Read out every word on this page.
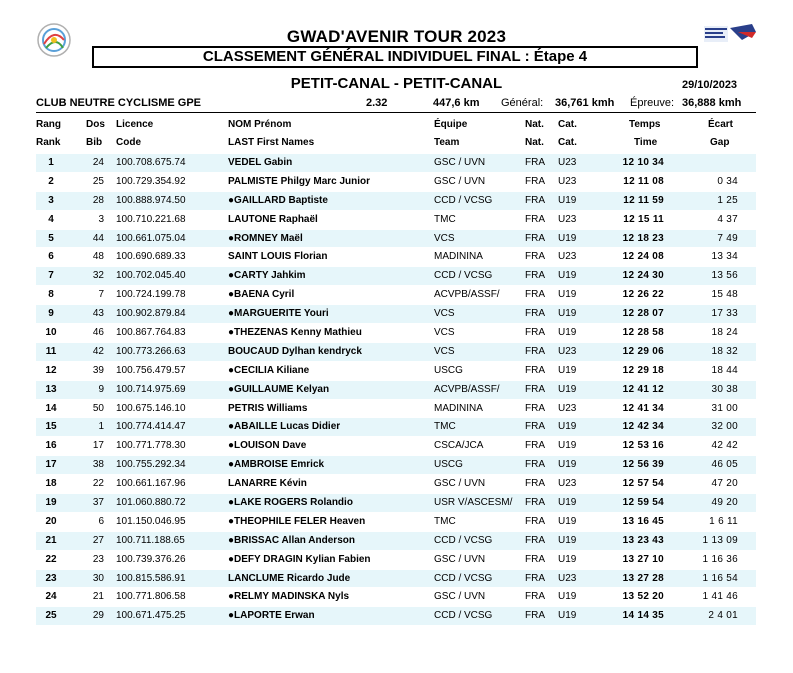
GWAD'AVENIR TOUR 2023
CLASSEMENT GÉNÉRAL INDIVIDUEL FINAL : Étape 4
PETIT-CANAL - PETIT-CANAL	29/10/2023
CLUB NEUTRE CYCLISME GPE	2.32	447,6 km Général: 36,761 kmh Épreuve: 36,888 kmh
Rang	Dos Licence	NOM Prénom	Équipe	Nat. Cat.	Temps	Écart
Rank	Bib Code	LAST First Names	Team	Nat. Cat.	Time	Gap
1	24 100.708.675.74	VEDEL Gabin	GSC / UVN	FRA U23	12 10 34
2	25 100.729.354.92	PALMISTE Philgy Marc Junior	GSC / UVN	FRA U23	12 11 08	0 34
3	28 100.888.974.50	●GAILLARD Baptiste	CCD / VCSG	FRA U19	12 11 59	1 25
4	3 100.710.221.68	LAUTONE Raphaël	TMC	FRA U23	12 15 11	4 37
5	44 100.661.075.04	●ROMNEY Maël	VCS	FRA U19	12 18 23	7 49
6	48 100.690.689.33	SAINT LOUIS Florian	MADININA	FRA U23	12 24 08	13 34
7	32 100.702.045.40	●CARTY Jahkim	CCD / VCSG	FRA U19	12 24 30	13 56
8	7 100.724.199.78	●BAENA Cyril	ACVPB/ASSF/	FRA U19	12 26 22	15 48
9	43 100.902.879.84	●MARGUERITE Youri	VCS	FRA U19	12 28 07	17 33
10	46 100.867.764.83	●THEZENAS Kenny Mathieu	VCS	FRA U19	12 28 58	18 24
11	42 100.773.266.63	BOUCAUD Dylhan kendryck	VCS	FRA U23	12 29 06	18 32
12	39 100.756.479.57	●CECILIA Kiliane	USCG	FRA U19	12 29 18	18 44
13	9 100.714.975.69	●GUILLAUME Kelyan	ACVPB/ASSF/	FRA U19	12 41 12	30 38
14	50 100.675.146.10	PETRIS Williams	MADININA	FRA U23	12 41 34	31 00
15	1 100.774.414.47	●ABAILLE Lucas Didier	TMC	FRA U19	12 42 34	32 00
16	17 100.771.778.30	●LOUISON Dave	CSCA/JCA	FRA U19	12 53 16	42 42
17	38 100.755.292.34	●AMBROISE Emrick	USCG	FRA U19	12 56 39	46 05
18	22 100.661.167.96	LANARRE Kévin	GSC / UVN	FRA U23	12 57 54	47 20
19	37 101.060.880.72	●LAKE ROGERS Rolandio	USR V/ASCESM/ FRA U19	12 59 54	49 20
20	6 101.150.046.95	●THEOPHILE FELER Heaven	TMC	FRA U19	13 16 45	1 6 11
21	27 100.711.188.65	●BRISSAC Allan Anderson	CCD / VCSG	FRA U19	13 23 43	1 13 09
22	23 100.739.376.26	●DEFY DRAGIN Kylian Fabien	GSC / UVN	FRA U19	13 27 10	1 16 36
23	30 100.815.586.91	LANCLUME Ricardo Jude	CCD / VCSG	FRA U23	13 27 28	1 16 54
24	21 100.771.806.58	●RELMY MADINSKA Nyls	GSC / UVN	FRA U19	13 52 20	1 41 46
25	29 100.671.475.25	●LAPORTE Erwan	CCD / VCSG	FRA U19	14 14 35	2 4 01
